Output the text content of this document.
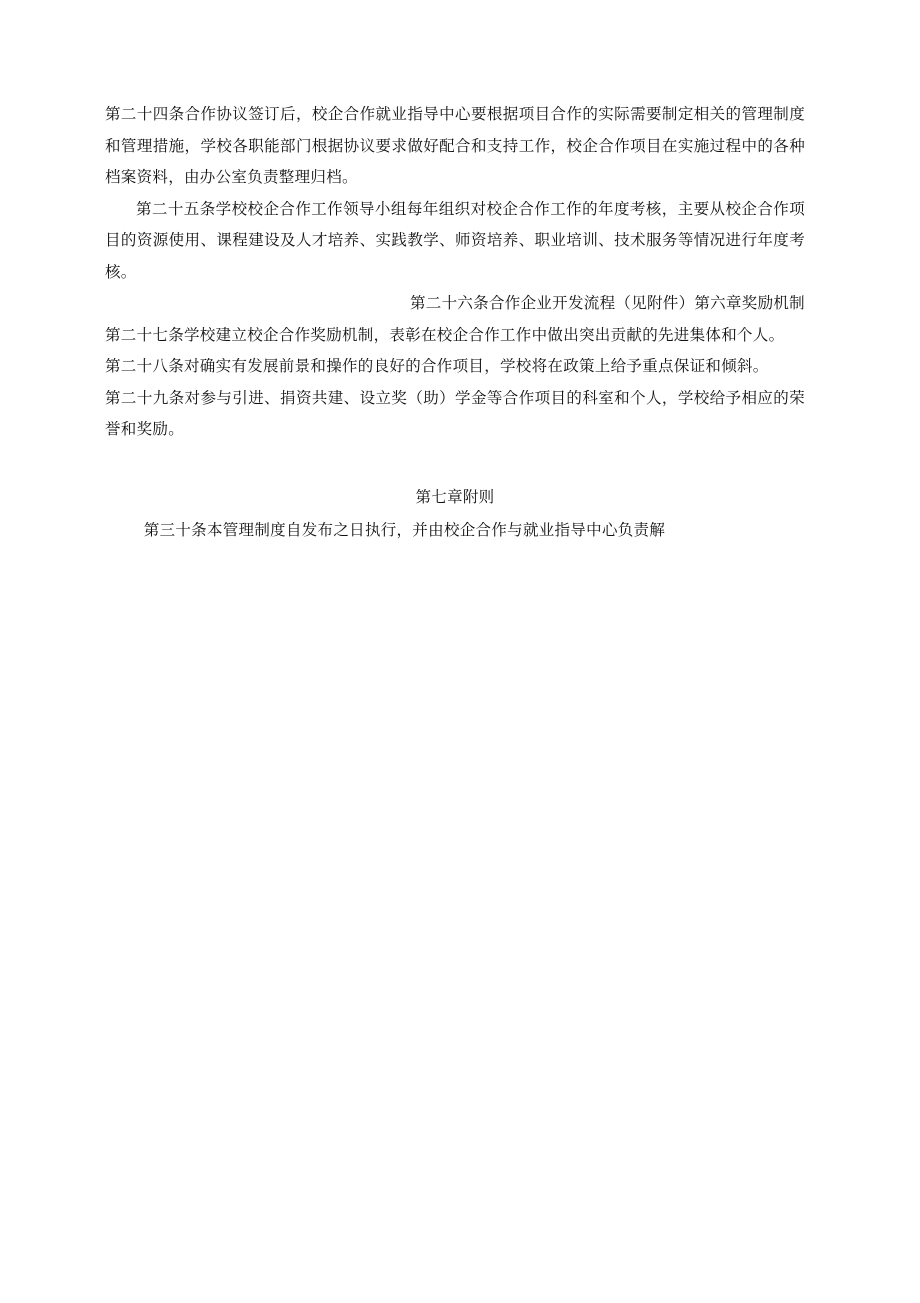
第二十四条合作协议签订后，校企合作就业指导中心要根据项目合作的实际需要制定相关的管理制度和管理措施，学校各职能部门根据协议要求做好配合和支持工作，校企合作项目在实施过程中的各种档案资料，由办公室负责整理归档。

第二十五条学校校企合作工作领导小组每年组织对校企合作工作的年度考核，主要从校企合作项目的资源使用、课程建设及人才培养、实践教学、师资培养、职业培训、技术服务等情况进行年度考核。

第二十六条合作企业开发流程（见附件）第六章奖励机制

第二十七条学校建立校企合作奖励机制，表彰在校企合作工作中做出突出贡献的先进集体和个人。

第二十八条对确实有发展前景和操作的良好的合作项目，学校将在政策上给予重点保证和倾斜。

第二十九条对参与引进、捐资共建、设立奖（助）学金等合作项目的科室和个人，学校给予相应的荣誉和奖励。

第七章附则

第三十条本管理制度自发布之日执行，并由校企合作与就业指导中心负责解
